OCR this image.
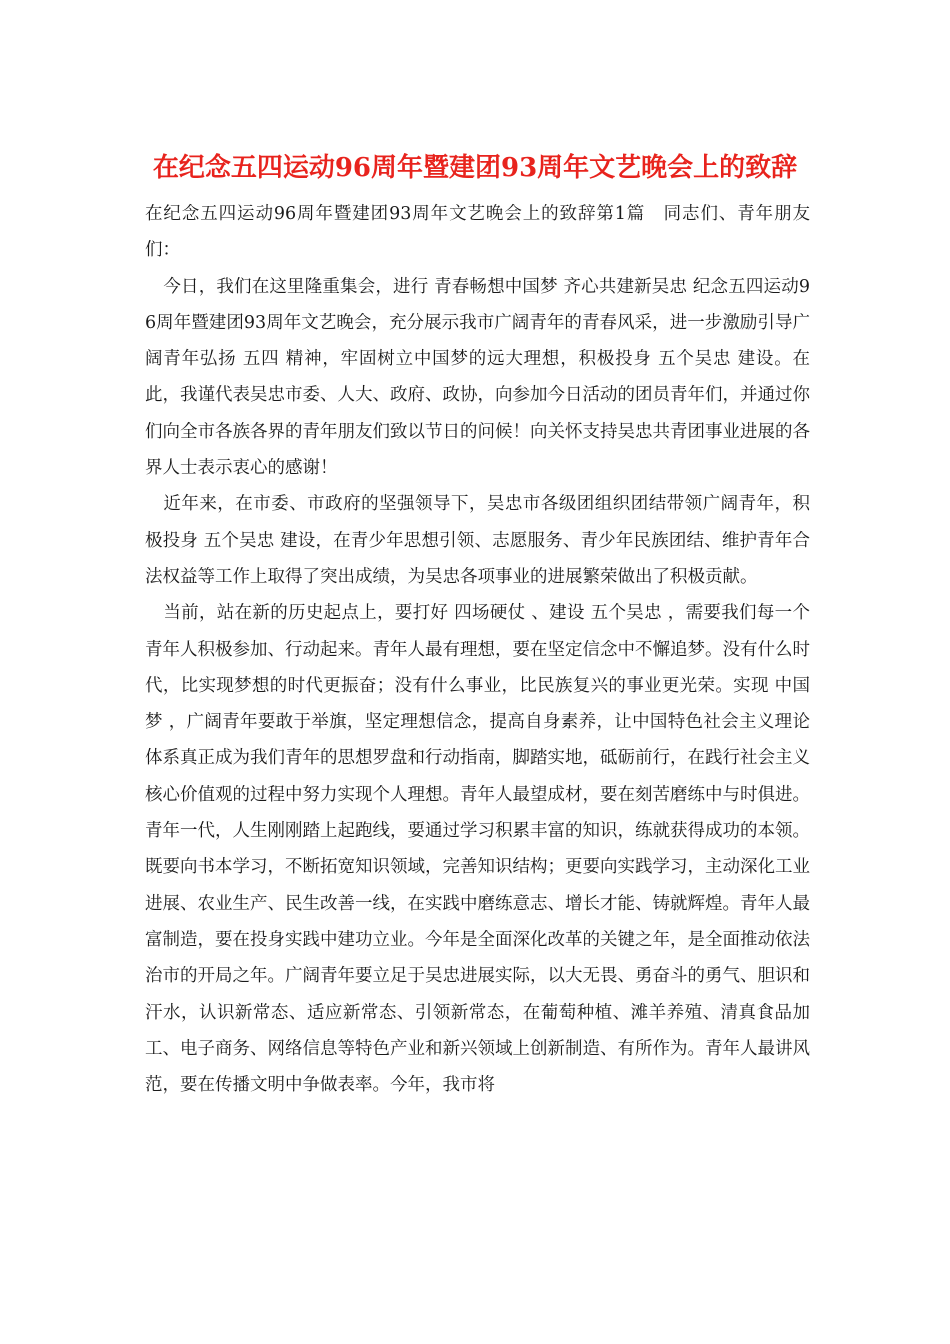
在纪念五四运动96周年暨建团93周年文艺晚会上的致辞

在纪念五四运动96周年暨建团93周年文艺晚会上的致辞第1篇　同志们、青年朋友们：

今日，我们在这里隆重集会，进行 青春畅想中国梦 齐心共建新吴忠 纪念五四运动96周年暨建团93周年文艺晚会，充分展示我市广阔青年的青春风采，进一步激励引导广阔青年弘扬 五四 精神，牢固树立中国梦的远大理想，积极投身 五个吴忠 建设。在此，我谨代表吴忠市委、人大、政府、政协，向参加今日活动的团员青年们，并通过你们向全市各族各界的青年朋友们致以节日的问候！向关怀支持吴忠共青团事业进展的各界人士表示衷心的感谢！

近年来，在市委、市政府的坚强领导下，吴忠市各级团组织团结带领广阔青年，积极投身 五个吴忠 建设，在青少年思想引领、志愿服务、青少年民族团结、维护青年合法权益等工作上取得了突出成绩，为吴忠各项事业的进展繁荣做出了积极贡献。

当前，站在新的历史起点上，要打好 四场硬仗 、建设 五个吴忠 ，需要我们每一个青年人积极参加、行动起来。青年人最有理想，要在坚定信念中不懈追梦。没有什么时代，比实现梦想的时代更振奋；没有什么事业，比民族复兴的事业更光荣。实现 中国梦 ，广阔青年要敢于举旗，坚定理想信念，提高自身素养，让中国特色社会主义理论体系真正成为我们青年的思想罗盘和行动指南，脚踏实地，砥砺前行，在践行社会主义核心价值观的过程中努力实现个人理想。青年人最望成材，要在刻苦磨练中与时俱进。青年一代，人生刚刚踏上起跑线，要通过学习积累丰富的知识，练就获得成功的本领。既要向书本学习，不断拓宽知识领域，完善知识结构；更要向实践学习，主动深化工业进展、农业生产、民生改善一线，在实践中磨练意志、增长才能、铸就辉煌。青年人最富制造，要在投身实践中建功立业。今年是全面深化改革的关键之年，是全面推动依法治市的开局之年。广阔青年要立足于吴忠进展实际，以大无畏、勇奋斗的勇气、胆识和汗水，认识新常态、适应新常态、引领新常态，在葡萄种植、滩羊养殖、清真食品加工、电子商务、网络信息等特色产业和新兴领域上创新制造、有所作为。青年人最讲风范，要在传播文明中争做表率。今年，我市将
